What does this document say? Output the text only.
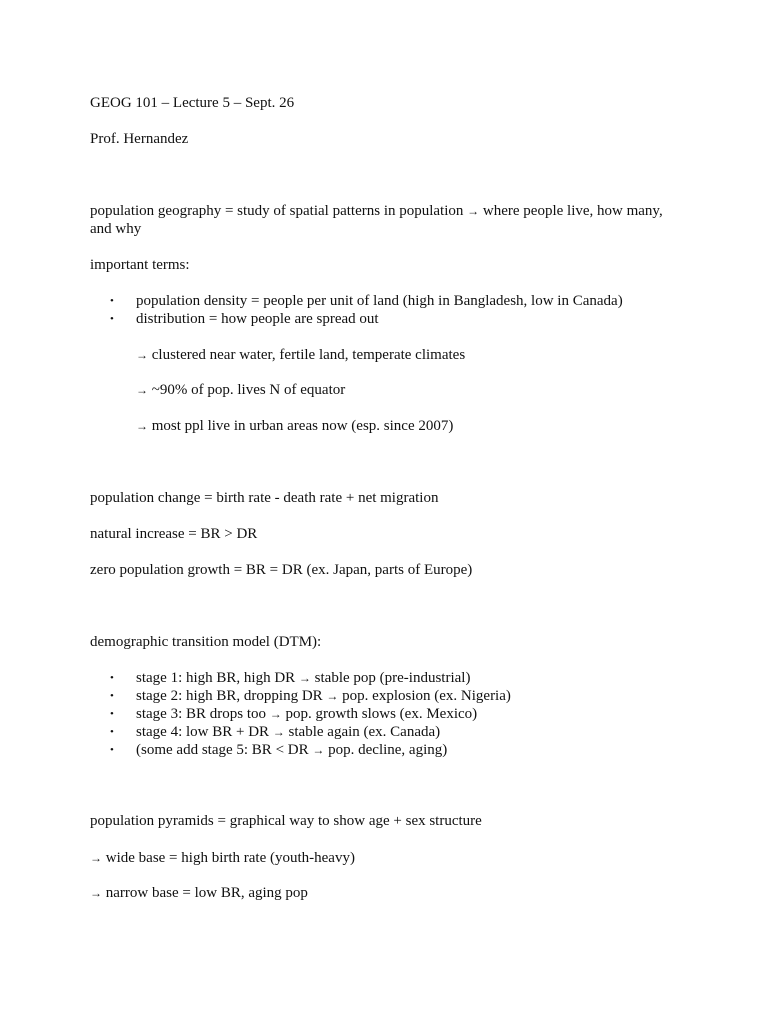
GEOG 101 – Lecture 5 – Sept. 26
Prof. Hernandez
population geography = study of spatial patterns in population → where people live, how many, and why
important terms:
•	population density = people per unit of land (high in Bangladesh, low in Canada)
•	distribution = how people are spread out
→ clustered near water, fertile land, temperate climates
→ ~90% of pop. lives N of equator
→ most ppl live in urban areas now (esp. since 2007)
population change = birth rate - death rate + net migration
natural increase = BR > DR
zero population growth = BR = DR (ex. Japan, parts of Europe)
demographic transition model (DTM):
•	stage 1: high BR, high DR → stable pop (pre-industrial)
•	stage 2: high BR, dropping DR → pop. explosion (ex. Nigeria)
•	stage 3: BR drops too → pop. growth slows (ex. Mexico)
•	stage 4: low BR + DR → stable again (ex. Canada)
•	(some add stage 5: BR < DR → pop. decline, aging)
population pyramids = graphical way to show age + sex structure
→ wide base = high birth rate (youth-heavy)
→ narrow base = low BR, aging pop
